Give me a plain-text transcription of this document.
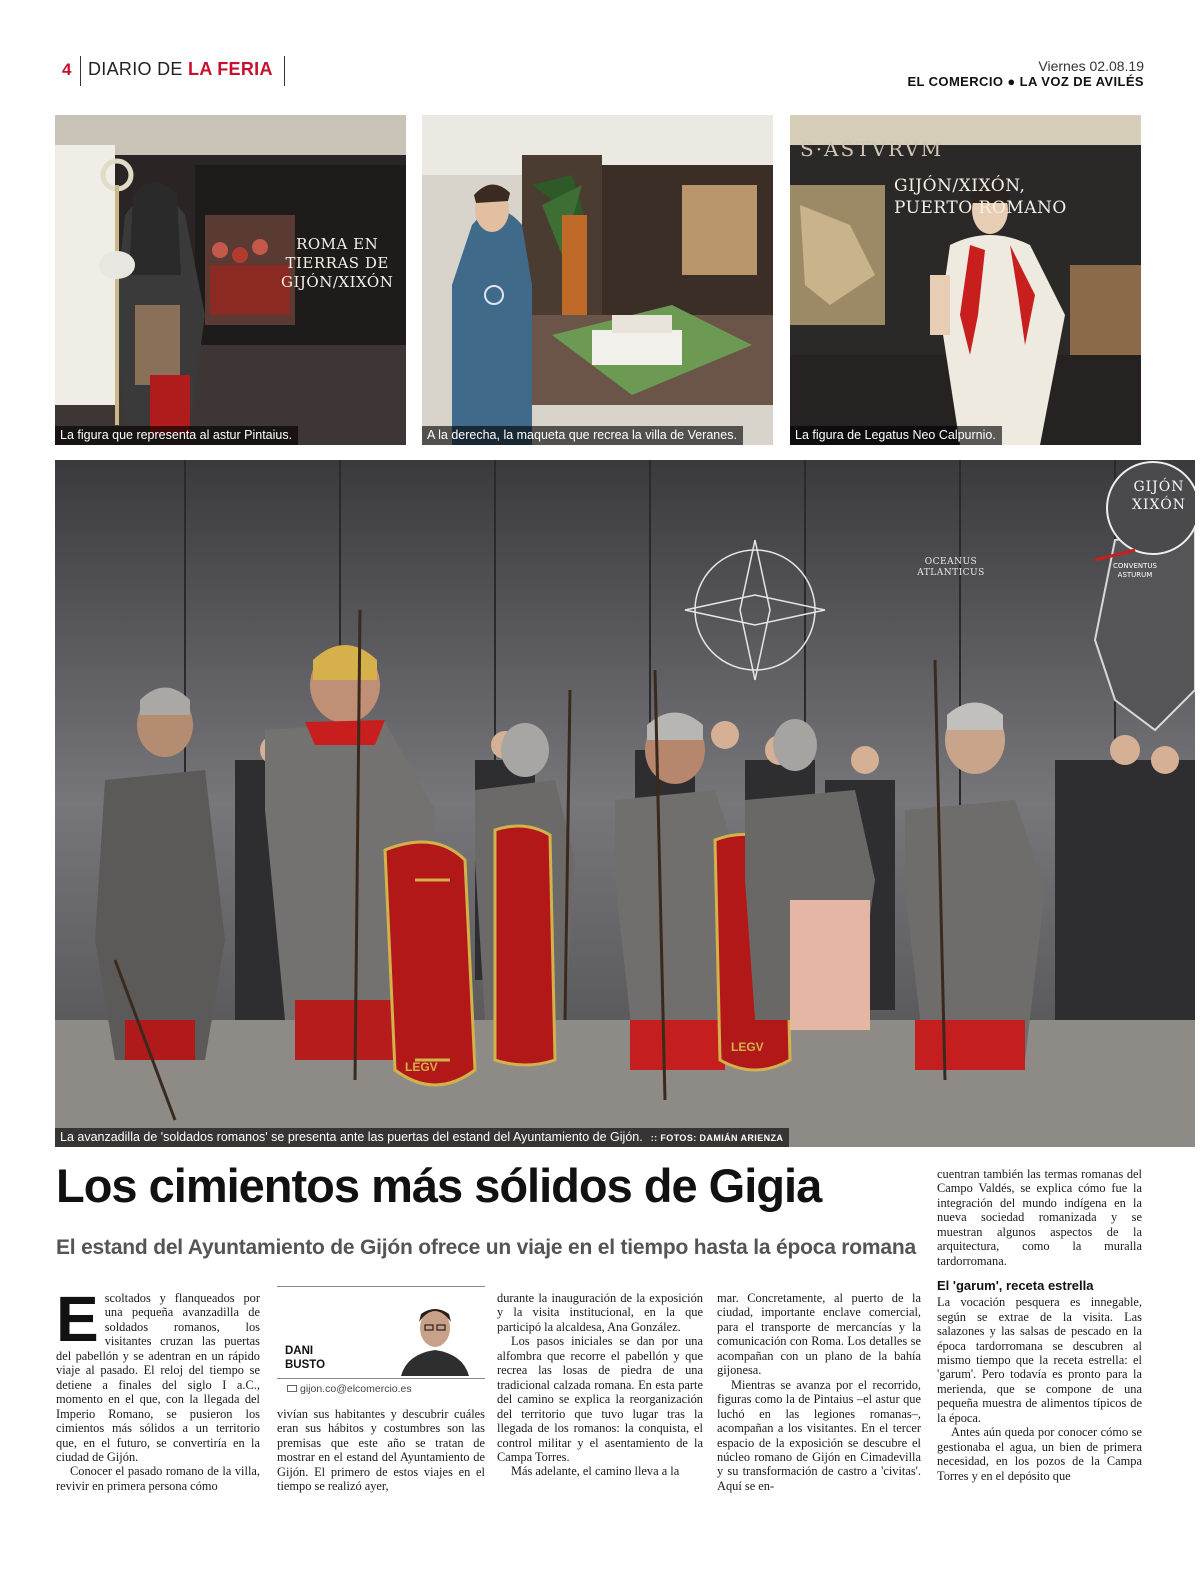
4 DIARIO DE LA FERIA	Viernes 02.08.19
EL COMERCIO ● LA VOZ DE AVILÉS
ROMA EN
TIERRAS DE
GIJÓN/XIXÓN
La figura que representa al astur Pintaius.	A la derecha, la maqueta que recrea la villa de Veranes.
S·ASTVRVM
GIJÓN/XIXÓN,
PUERTO ROMANO
La figura de Legatus Neo Calpurnio.
GIJÓN
XIXÓN
OCEANUS
ATLANTICUS
CONVENTUS
ASTURUM
LEGV
LEGV
La avanzadilla de 'soldados romanos' se presenta ante las puertas del estand del Ayuntamiento de Gijón. :: FOTOS: DAMIÁN ARIENZA
Los cimientos más sólidos de Gigia
El estand del Ayuntamiento de Gijón ofrece un viaje en el tiempo hasta la época romana

Escoltados y flanqueados por una pequeña avanzadilla de soldados romanos, los visitantes cruzan las puertas del pabellón y se adentran en un rápido viaje al pasado. El reloj del tiempo se detiene a finales del siglo I a.C., momento en el que, con la llegada del Imperio Romano, se pusieron los cimientos más sólidos a un territorio que, en el futuro, se convertiría en la ciudad de Gijón.

Conocer el pasado romano de la villa, revivir en primera persona cómo

DANI
BUSTO
gijon.co@elcomercio.es

vivían sus habitantes y descubrir cuáles eran sus hábitos y costumbres son las premisas que este año se tratan de mostrar en el estand del Ayuntamiento de Gijón. El primero de estos viajes en el tiempo se realizó ayer,

durante la inauguración de la exposición y la visita institucional, en la que participó la alcaldesa, Ana González.

Los pasos iniciales se dan por una alfombra que recorre el pabellón y que recrea las losas de piedra de una tradicional calzada romana. En esta parte del camino se explica la reorganización del territorio que tuvo lugar tras la llegada de los romanos: la conquista, el control militar y el asentamiento de la Campa Torres.

Más adelante, el camino lleva a la

mar. Concretamente, al puerto de la ciudad, importante enclave comercial, para el transporte de mercancías y la comunicación con Roma. Los detalles se acompañan con un plano de la bahía gijonesa.

Mientras se avanza por el recorrido, figuras como la de Pintaius –el astur que luchó en las legiones romanas–, acompañan a los visitantes. En el tercer espacio de la exposición se descubre el núcleo romano de Gijón en Cimadevilla y su transformación de castro a 'civitas'. Aquí se en-

cuentran también las termas romanas del Campo Valdés, se explica cómo fue la integración del mundo indígena en la nueva sociedad romanizada y se muestran algunos aspectos de la arquitectura, como la muralla tardorromana.

El 'garum', receta estrella

La vocación pesquera es innegable, según se extrae de la visita. Las salazones y las salsas de pescado en la época tardorromana se descubren al mismo tiempo que la receta estrella: el 'garum'. Pero todavía es pronto para la merienda, que se compone de una pequeña muestra de alimentos típicos de la época.

Antes aún queda por conocer cómo se gestionaba el agua, un bien de primera necesidad, en los pozos de la Campa Torres y en el depósito que
